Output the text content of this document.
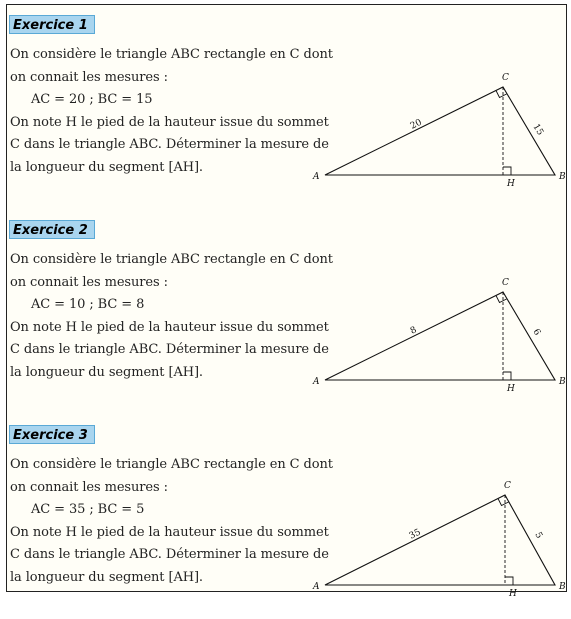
Exercice 1
On considère le triangle ABC rectangle en C dont
on connait les mesures :
AC = 20 ; BC = 15
On note H le pied de la hauteur issue du sommet
C dans le triangle ABC. Déterminer la mesure de
la longueur du segment [AH].
A	B
C
H
20	15
Exercice 2
On considère le triangle ABC rectangle en C dont
on connait les mesures :
AC = 10 ; BC = 8
On note H le pied de la hauteur issue du sommet
C dans le triangle ABC. Déterminer la mesure de
la longueur du segment [AH].
A	B
C
H
8	6
Exercice 3
On considère le triangle ABC rectangle en C dont
on connait les mesures :
AC = 35 ; BC = 5
On note H le pied de la hauteur issue du sommet
C dans le triangle ABC. Déterminer la mesure de
la longueur du segment [AH].
A	B
C
H
35	5
